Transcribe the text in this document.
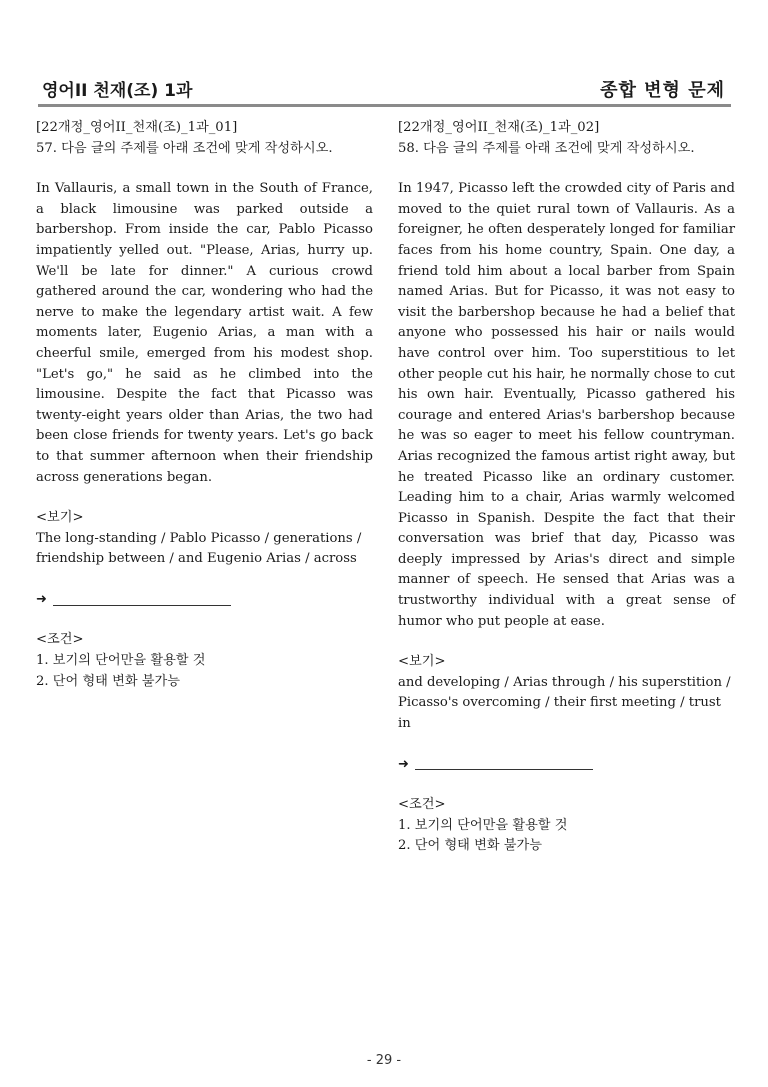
영어II 천재(조) 1과	종합 변형 문제

[22개정_영어II_천재(조)_1과_01]

57. 다음 글의 주제를 아래 조건에 맞게 작성하시오.

In Vallauris, a small town in the South of France, a black limousine was parked outside a barbershop. From inside the car, Pablo Picasso impatiently yelled out. "Please, Arias, hurry up. We'll be late for dinner." A curious crowd gathered around the car, wondering who had the nerve to make the legendary artist wait. A few moments later, Eugenio Arias, a man with a cheerful smile, emerged from his modest shop. "Let's go," he said as he climbed into the limousine. Despite the fact that Picasso was twenty-eight years older than Arias, the two had been close friends for twenty years. Let's go back to that summer afternoon when their friendship across generations began.

<보기>

The long-standing / Pablo Picasso / generations / friendship between / and Eugenio Arias / across

➜

<조건>

1. 보기의 단어만을 활용할 것

2. 단어 형태 변화 불가능

[22개정_영어II_천재(조)_1과_02]

58. 다음 글의 주제를 아래 조건에 맞게 작성하시오.

In 1947, Picasso left the crowded city of Paris and moved to the quiet rural town of Vallauris. As a foreigner, he often desperately longed for familiar faces from his home country, Spain. One day, a friend told him about a local barber from Spain named Arias. But for Picasso, it was not easy to visit the barbershop because he had a belief that anyone who possessed his hair or nails would have control over him. Too superstitious to let other people cut his hair, he normally chose to cut his own hair. Eventually, Picasso gathered his courage and entered Arias's barbershop because he was so eager to meet his fellow countryman. Arias recognized the famous artist right away, but he treated Picasso like an ordinary customer. Leading him to a chair, Arias warmly welcomed Picasso in Spanish. Despite the fact that their conversation was brief that day, Picasso was deeply impressed by Arias's direct and simple manner of speech. He sensed that Arias was a trustworthy individual with a great sense of humor who put people at ease.

<보기>

and developing / Arias through / his superstition / Picasso's overcoming / their first meeting / trust in

➜

<조건>

1. 보기의 단어만을 활용할 것

2. 단어 형태 변화 불가능

- 29 -
